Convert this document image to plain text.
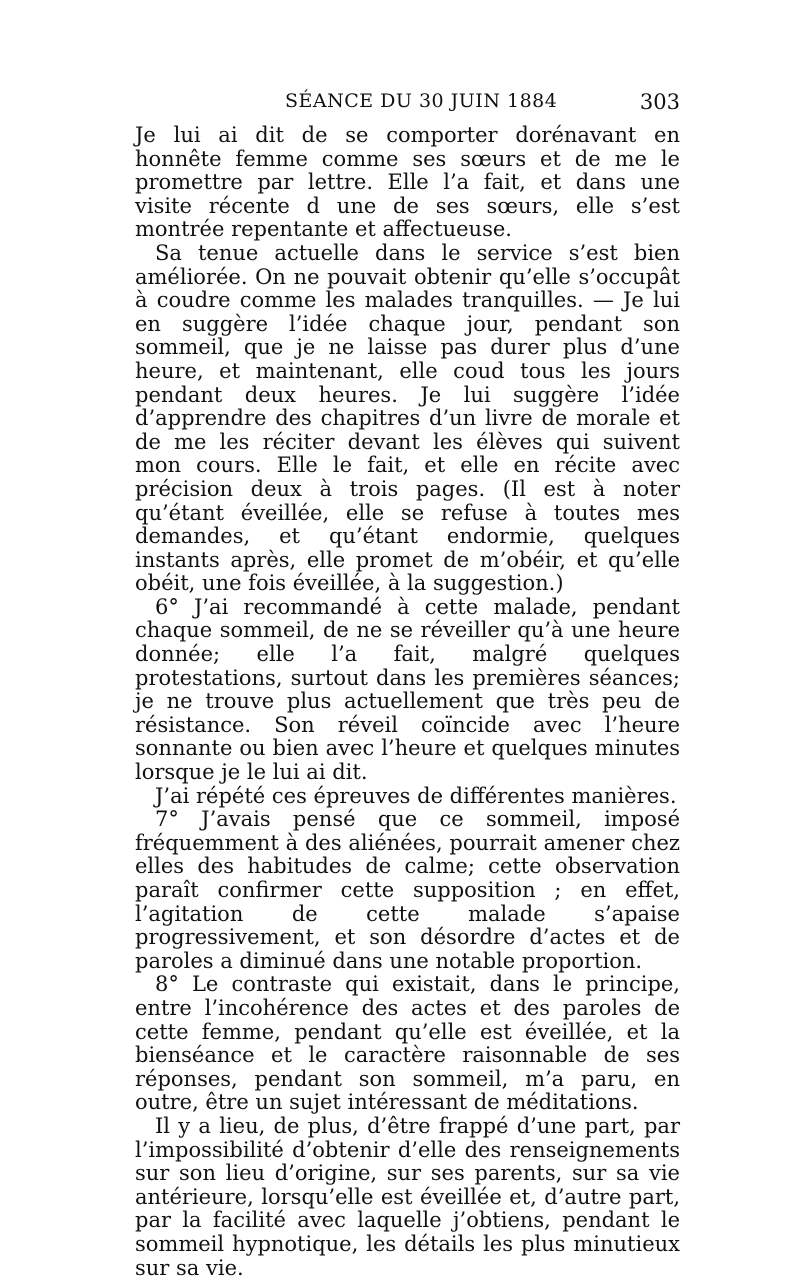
SÉANCE DU 30 JUIN 1884	303

Je lui ai dit de se comporter dorénavant en honnête femme comme ses sœurs et de me le promettre par lettre. Elle l’a fait, et dans une visite récente d une de ses sœurs, elle s’est montrée repentante et affectueuse.

Sa tenue actuelle dans le service s’est bien améliorée. On ne pouvait obtenir qu’elle s’occupât à coudre comme les malades tranquilles. — Je lui en suggère l’idée chaque jour, pendant son sommeil, que je ne laisse pas durer plus d’une heure, et maintenant, elle coud tous les jours pendant deux heures. Je lui suggère l’idée d’apprendre des chapitres d’un livre de morale et de me les réciter devant les élèves qui suivent mon cours. Elle le fait, et elle en récite avec précision deux à trois pages. (Il est à noter qu’étant éveillée, elle se refuse à toutes mes demandes, et qu’étant endormie, quelques instants après, elle promet de m’obéir, et qu’elle obéit, une fois éveillée, à la suggestion.)

6° J’ai recommandé à cette malade, pendant chaque sommeil, de ne se réveiller qu’à une heure donnée; elle l’a fait, malgré quelques protestations, surtout dans les premières séances; je ne trouve plus actuellement que très peu de résistance. Son réveil coïncide avec l’heure sonnante ou bien avec l’heure et quelques minutes lorsque je le lui ai dit.

J’ai répété ces épreuves de différentes manières.

7° J’avais pensé que ce sommeil, imposé fréquemment à des aliénées, pourrait amener chez elles des habitudes de calme; cette observation paraît confirmer cette supposition ; en effet, l’agitation de cette malade s’apaise progressivement, et son désordre d’actes et de paroles a diminué dans une notable proportion.

8° Le contraste qui existait, dans le principe, entre l’incohérence des actes et des paroles de cette femme, pendant qu’elle est éveillée, et la bienséance et le caractère raisonnable de ses réponses, pendant son sommeil, m’a paru, en outre, être un sujet intéressant de méditations.

Il y a lieu, de plus, d’être frappé d’une part, par l’impossibilité d’obtenir d’elle des renseignements sur son lieu d’origine, sur ses parents, sur sa vie antérieure, lorsqu’elle est éveillée et, d’autre part, par la facilité avec laquelle j’obtiens, pendant le sommeil hypnotique, les détails les plus minutieux sur sa vie.
